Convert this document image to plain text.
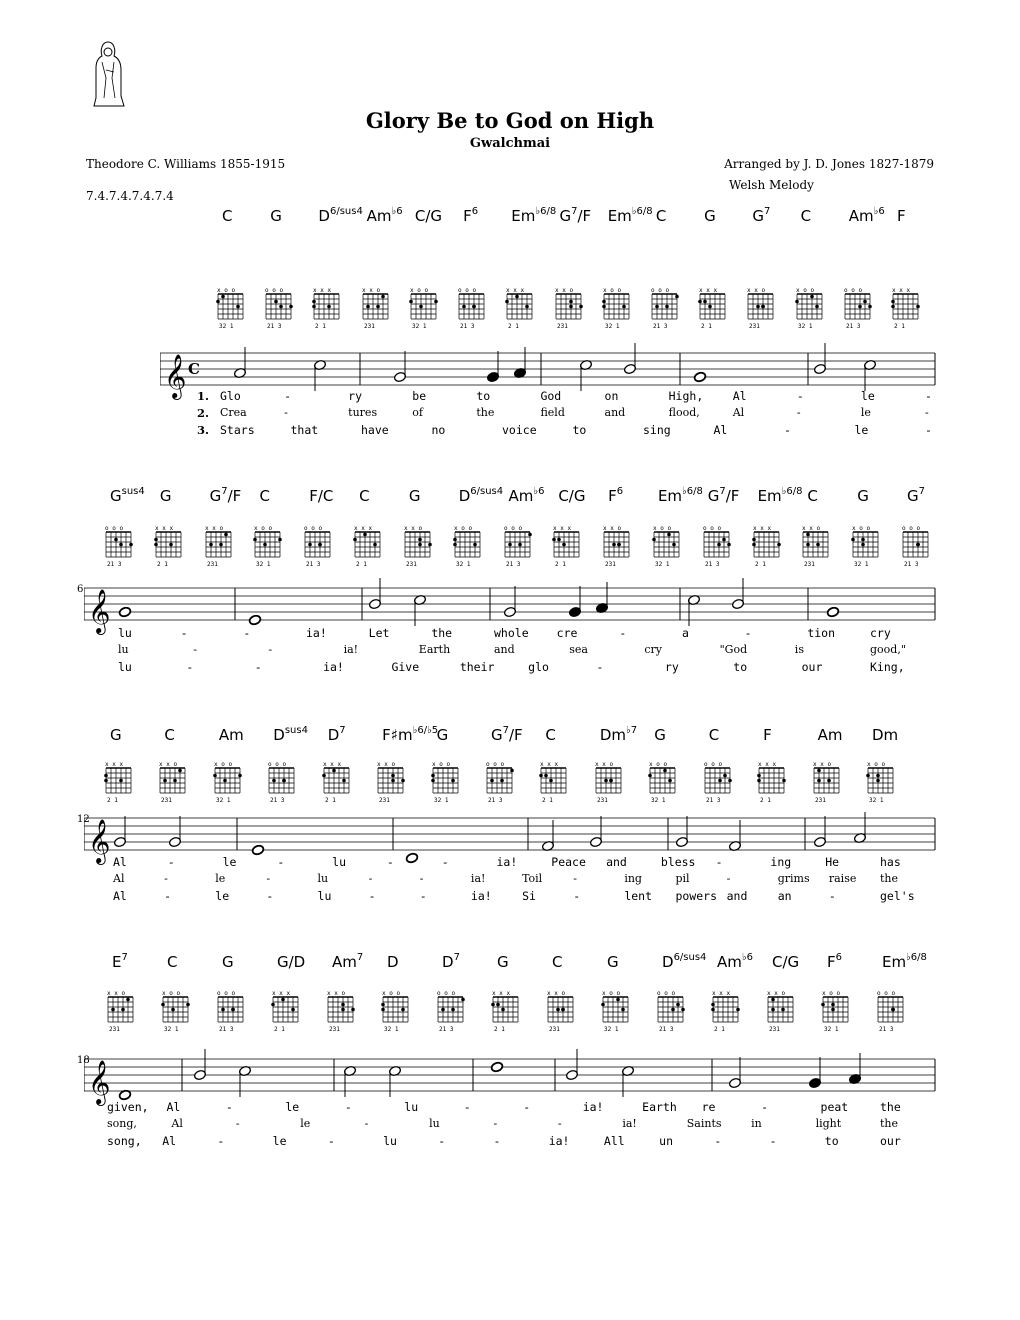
Glory Be to God on High
Gwalchmai
Theodore C. Williams 1855-1915
7.4.7.4.7.4.7.4
Arranged by J. D. Jones 1827-1879
Welsh Melody
C
x o o
32 1
G
o o o
21 3
$D^{6/sus4}$
x x x
2 1
$Am^{♭6}$
x x o
231
C/G
x o o
32 1
$F^6$
o o o
21 3
$Em^{♭6/8}$
x x x
2 1
$G^7/F$
x x o
231
$Em^{♭6/8}$
x o o
32 1
C
o o o
21 3
G
x x x
2 1
$G^7$
x x o
231
C
x o o
32 1
$Am^{♭6}$
o o o
21 3
F
x x x
2 1
𝄞 C
1.
2.
3.
Glo	-	ry	be	to	God	on	High,	Al	-	le	-
Crea	-	tures	of	the	field	and	flood,	Al	-	le	-
Stars	that	have	no	voice	to	sing	Al	-	le	-
$G^{sus4}$
o o o
21 3
G
x x x
2 1
$G^7/F$
x x o
231
C
x o o
32 1
F/C
o o o
21 3
C
x x x
2 1
G
x x o
231
$D^{6/sus4}$
x o o
32 1
$Am^{♭6}$
o o o
21 3
C/G
x x x
2 1
$F^6$
x x o
231
$Em^{♭6/8}$
x o o
32 1
$G^7/F$
o o o
21 3
$Em^{♭6/8}$
x x x
2 1
C
x x o
231
G
x o o
32 1
$G^7$
o o o
21 3
𝄞
6
lu	-	-	ia!	Let	the	whole cre	-	a	-	tion	cry
lu	-	-	ia!	Earth	and	sea	cry	"God	is	good,"
lu	-	-	ia!	Give	their	glo	-	ry	to	our	King,
G
x x x
2 1
C
x x o
231
Am
x o o
32 1
$D^{sus4}$
o o o
21 3
$D^7$
x x x
2 1
$F♯m^{♭6/♭5}$
x x o
231
G
x o o
32 1
$G^7/F$
o o o
21 3
C
x x x
2 1
$Dm^{♭7}$
x x o
231
G
x o o
32 1
C
o o o
21 3
F
x x x
2 1
Am
x x o
231
Dm
x o o
32 1
𝄞
12
Al	-	le	-	lu	-	-	ia!	Peace and	bless -	ing	He	has
Al	-	le	-	lu	-	-	ia!	Toil	-	ing	pil	-	grims raise the
Al	-	le	-	lu	-	-	ia!	Si	-	lent powers and	an	-	gel's
$E^7$
x x o
231
C
x o o
32 1
G
o o o
21 3
G/D
x x x
2 1
Am$^7$
x x o
231
D
x o o
32 1
$D^7$
o o o
21 3
G
x x x
2 1
C
x x o
231
G
x o o
32 1
$D^{6/sus4}$
o o o
21 3
$Am^{♭6}$
x x x
2 1
C/G
x x o
231
$F^6$
x o o
32 1
$Em^{♭6/8}$
o o o
21 3
𝄞
18
given, Al	-	le	-	lu	-	-	ia!	Earth re	-	peat	the
song,	Al	-	le	-	lu	-	-	ia!	Saints	in	light	the
song, Al	-	le	-	lu	-	-	ia!	All	un	-	-	to	our
